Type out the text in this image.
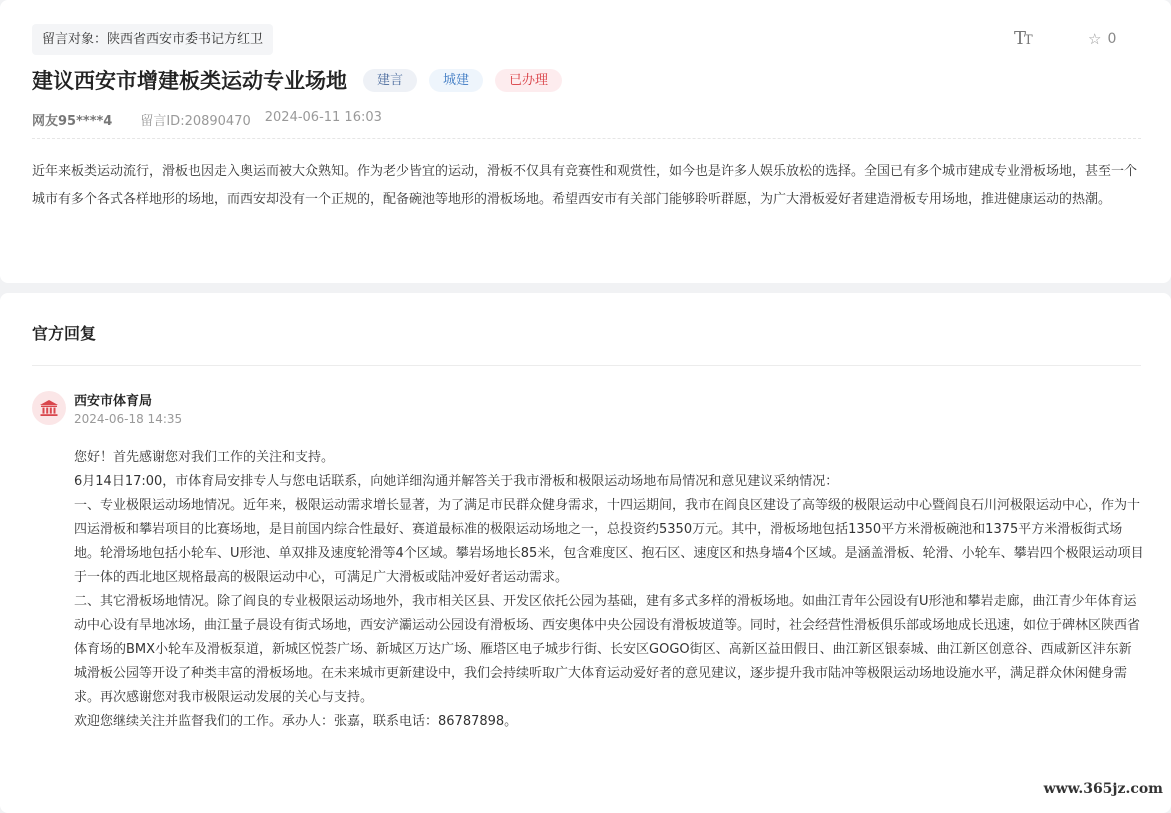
留言对象：陕西省西安市委书记方红卫	TT	☆ 0
建议西安市增建板类运动专业场地	建言	城建	已办理
网友95****4 留言ID:20890470 2024-06-11 16:03
近年来板类运动流行，滑板也因走入奥运而被大众熟知。作为老少皆宜的运动，滑板不仅具有竞赛性和观赏性，如今也是许多人娱乐放松的选择。全国已有多个城市建成专业滑板场地，甚至一个城市有多个各式各样地形的场地，而西安却没有一个正规的，配备碗池等地形的滑板场地。希望西安市有关部门能够聆听群愿，为广大滑板爱好者建造滑板专用场地，推进健康运动的热潮。
官方回复
西安市体育局
2024-06-18 14:35

您好！首先感谢您对我们工作的关注和支持。

6月14日17:00，市体育局安排专人与您电话联系，向她详细沟通并解答关于我市滑板和极限运动场地布局情况和意见建议采纳情况：

一、专业极限运动场地情况。近年来，极限运动需求增长显著，为了满足市民群众健身需求，十四运期间，我市在阎良区建设了高等级的极限运动中心暨阎良石川河极限运动中心，作为十四运滑板和攀岩项目的比赛场地，是目前国内综合性最好、赛道最标准的极限运动场地之一，总投资约5350万元。其中，滑板场地包括1350平方米滑板碗池和1375平方米滑板街式场地。轮滑场地包括小轮车、U形池、单双排及速度轮滑等4个区域。攀岩场地长85米，包含难度区、抱石区、速度区和热身墙4个区域。是涵盖滑板、轮滑、小轮车、攀岩四个极限运动项目于一体的西北地区规格最高的极限运动中心，可满足广大滑板或陆冲爱好者运动需求。

二、其它滑板场地情况。除了阎良的专业极限运动场地外，我市相关区县、开发区依托公园为基础，建有多式多样的滑板场地。如曲江青年公园设有U形池和攀岩走廊，曲江青少年体育运动中心设有旱地冰场，曲江量子晨设有街式场地，西安浐灞运动公园设有滑板场、西安奥体中央公园设有滑板坡道等。同时，社会经营性滑板俱乐部或场地成长迅速，如位于碑林区陕西省体育场的BMX小轮车及滑板泵道，新城区悦荟广场、新城区万达广场、雁塔区电子城步行街、长安区GOGO街区、高新区益田假日、曲江新区银泰城、曲江新区创意谷、西咸新区沣东新城滑板公园等开设了种类丰富的滑板场地。在未来城市更新建设中，我们会持续听取广大体育运动爱好者的意见建议，逐步提升我市陆冲等极限运动场地设施水平，满足群众休闲健身需求。再次感谢您对我市极限运动发展的关心与支持。

欢迎您继续关注并监督我们的工作。承办人：张嘉，联系电话：86787898。

www.365jz.com
